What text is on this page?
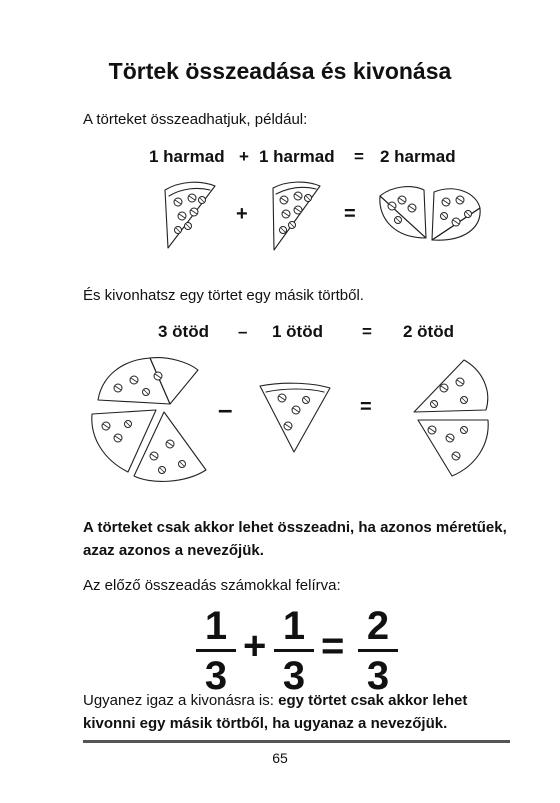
Törtek összeadása és kivonása
A törteket összeadhatjuk, például:
1 harmad + 1 harmad = 2 harmad
+	=
És kivonhatsz egy törtet egy másik törtből.
3 ötöd – 1 ötöd = 2 ötöd
–	=
A törteket csak akkor lehet összeadni, ha azonos méretűek, azaz azonos a nevezőjük.
Az előző összeadás számokkal felírva:
1
3
+ 1
3
= 2
3
Ugyanez igaz a kivonásra is: egy törtet csak akkor lehet
kivonni egy másik törtből, ha ugyanaz a nevezőjük.
65
